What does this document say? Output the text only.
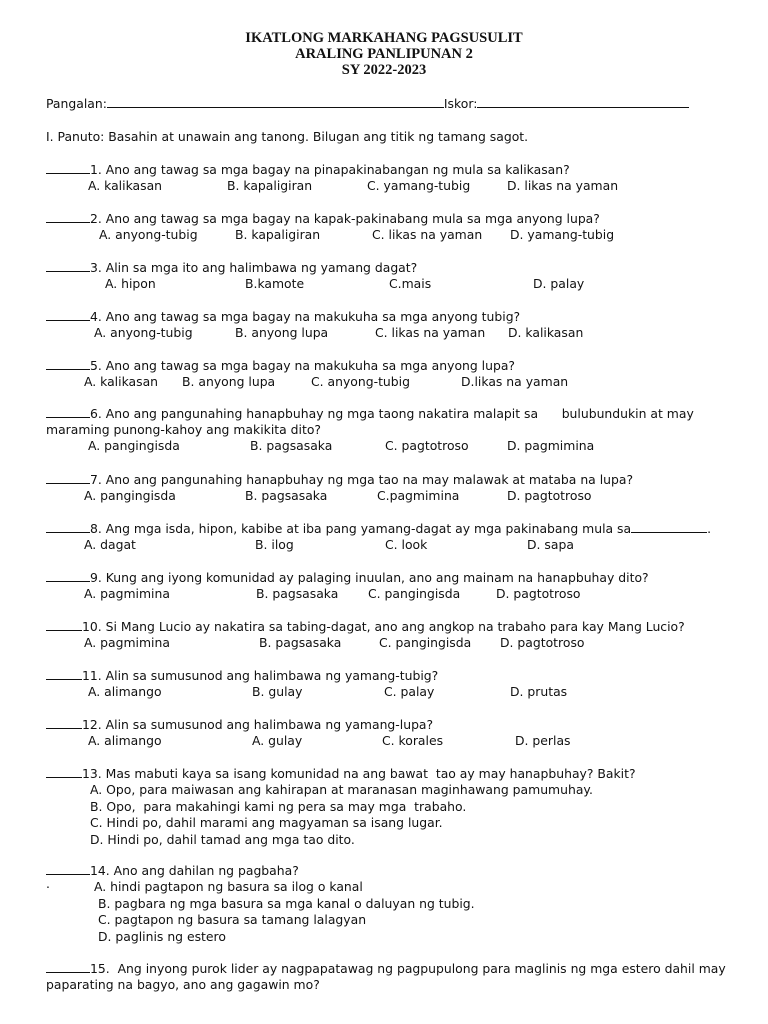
IKATLONG MARKAHANG PAGSUSULIT
ARALING PANLIPUNAN 2
SY 2022-2023
Pangalan:	Iskor:
I. Panuto: Basahin at unawain ang tanong. Bilugan ang titik ng tamang sagot.
1. Ano ang tawag sa mga bagay na pinapakinabangan ng mula sa kalikasan?
A. kalikasan	B. kapaligiran	C. yamang-tubig	D. likas na yaman
2. Ano ang tawag sa mga bagay na kapak-pakinabang mula sa mga anyong lupa?
A. anyong-tubig	B. kapaligiran	C. likas na yaman D. yamang-tubig
3. Alin sa mga ito ang halimbawa ng yamang dagat?
A. hipon	B.kamote	C.mais	D. palay
4. Ano ang tawag sa mga bagay na makukuha sa mga anyong tubig?
A. anyong-tubig	B. anyong lupa	C. likas na yaman D. kalikasan
5. Ano ang tawag sa mga bagay na makukuha sa mga anyong lupa?
A. kalikasan B. anyong lupa	C. anyong-tubig	D.likas na yaman
6. Ano ang pangunahing hanapbuhay ng mga taong nakatira malapit sa      bulubundukin at may maraming punong-kahoy ang makikita dito?
A. pangingisda	B. pagsasaka	C. pagtotroso	D. pagmimina
7. Ano ang pangunahing hanapbuhay ng mga tao na may malawak at mataba na lupa?
A. pangingisda	B. pagsasaka	C.pagmimina	D. pagtotroso
8. Ang mga isda, hipon, kabibe at iba pang yamang-dagat ay mga pakinabang mula sa	.
A. dagat	B. ilog	C. look	D. sapa
9. Kung ang iyong komunidad ay palaging inuulan, ano ang mainam na hanapbuhay dito?
A. pagmimina	B. pagsasaka C. pangingisda	D. pagtotroso
10. Si Mang Lucio ay nakatira sa tabing-dagat, ano ang angkop na trabaho para kay Mang Lucio?
A. pagmimina	B. pagsasaka	C. pangingisda D. pagtotroso
11. Alin sa sumusunod ang halimbawa ng yamang-tubig?
A. alimango	B. gulay	C. palay	D. prutas
12. Alin sa sumusunod ang halimbawa ng yamang-lupa?
A. alimango	A. gulay	C. korales	D. perlas
13. Mas mabuti kaya sa isang komunidad na ang bawat  tao ay may hanapbuhay? Bakit?
A. Opo, para maiwasan ang kahirapan at maranasan maginhawang pamumuhay.
B. Opo,  para makahingi kami ng pera sa may mga  trabaho.
C. Hindi po, dahil marami ang magyaman sa isang lugar.
D. Hindi po, dahil tamad ang mga tao dito.
14. Ano ang dahilan ng pagbaha?
.	A. hindi pagtapon ng basura sa ilog o kanal
B. pagbara ng mga basura sa mga kanal o daluyan ng tubig.
C. pagtapon ng basura sa tamang lalagyan
D. paglinis ng estero
15.  Ang inyong purok lider ay nagpapatawag ng pagpupulong para maglinis ng mga estero dahil may paparating na bagyo, ano ang gagawin mo?
